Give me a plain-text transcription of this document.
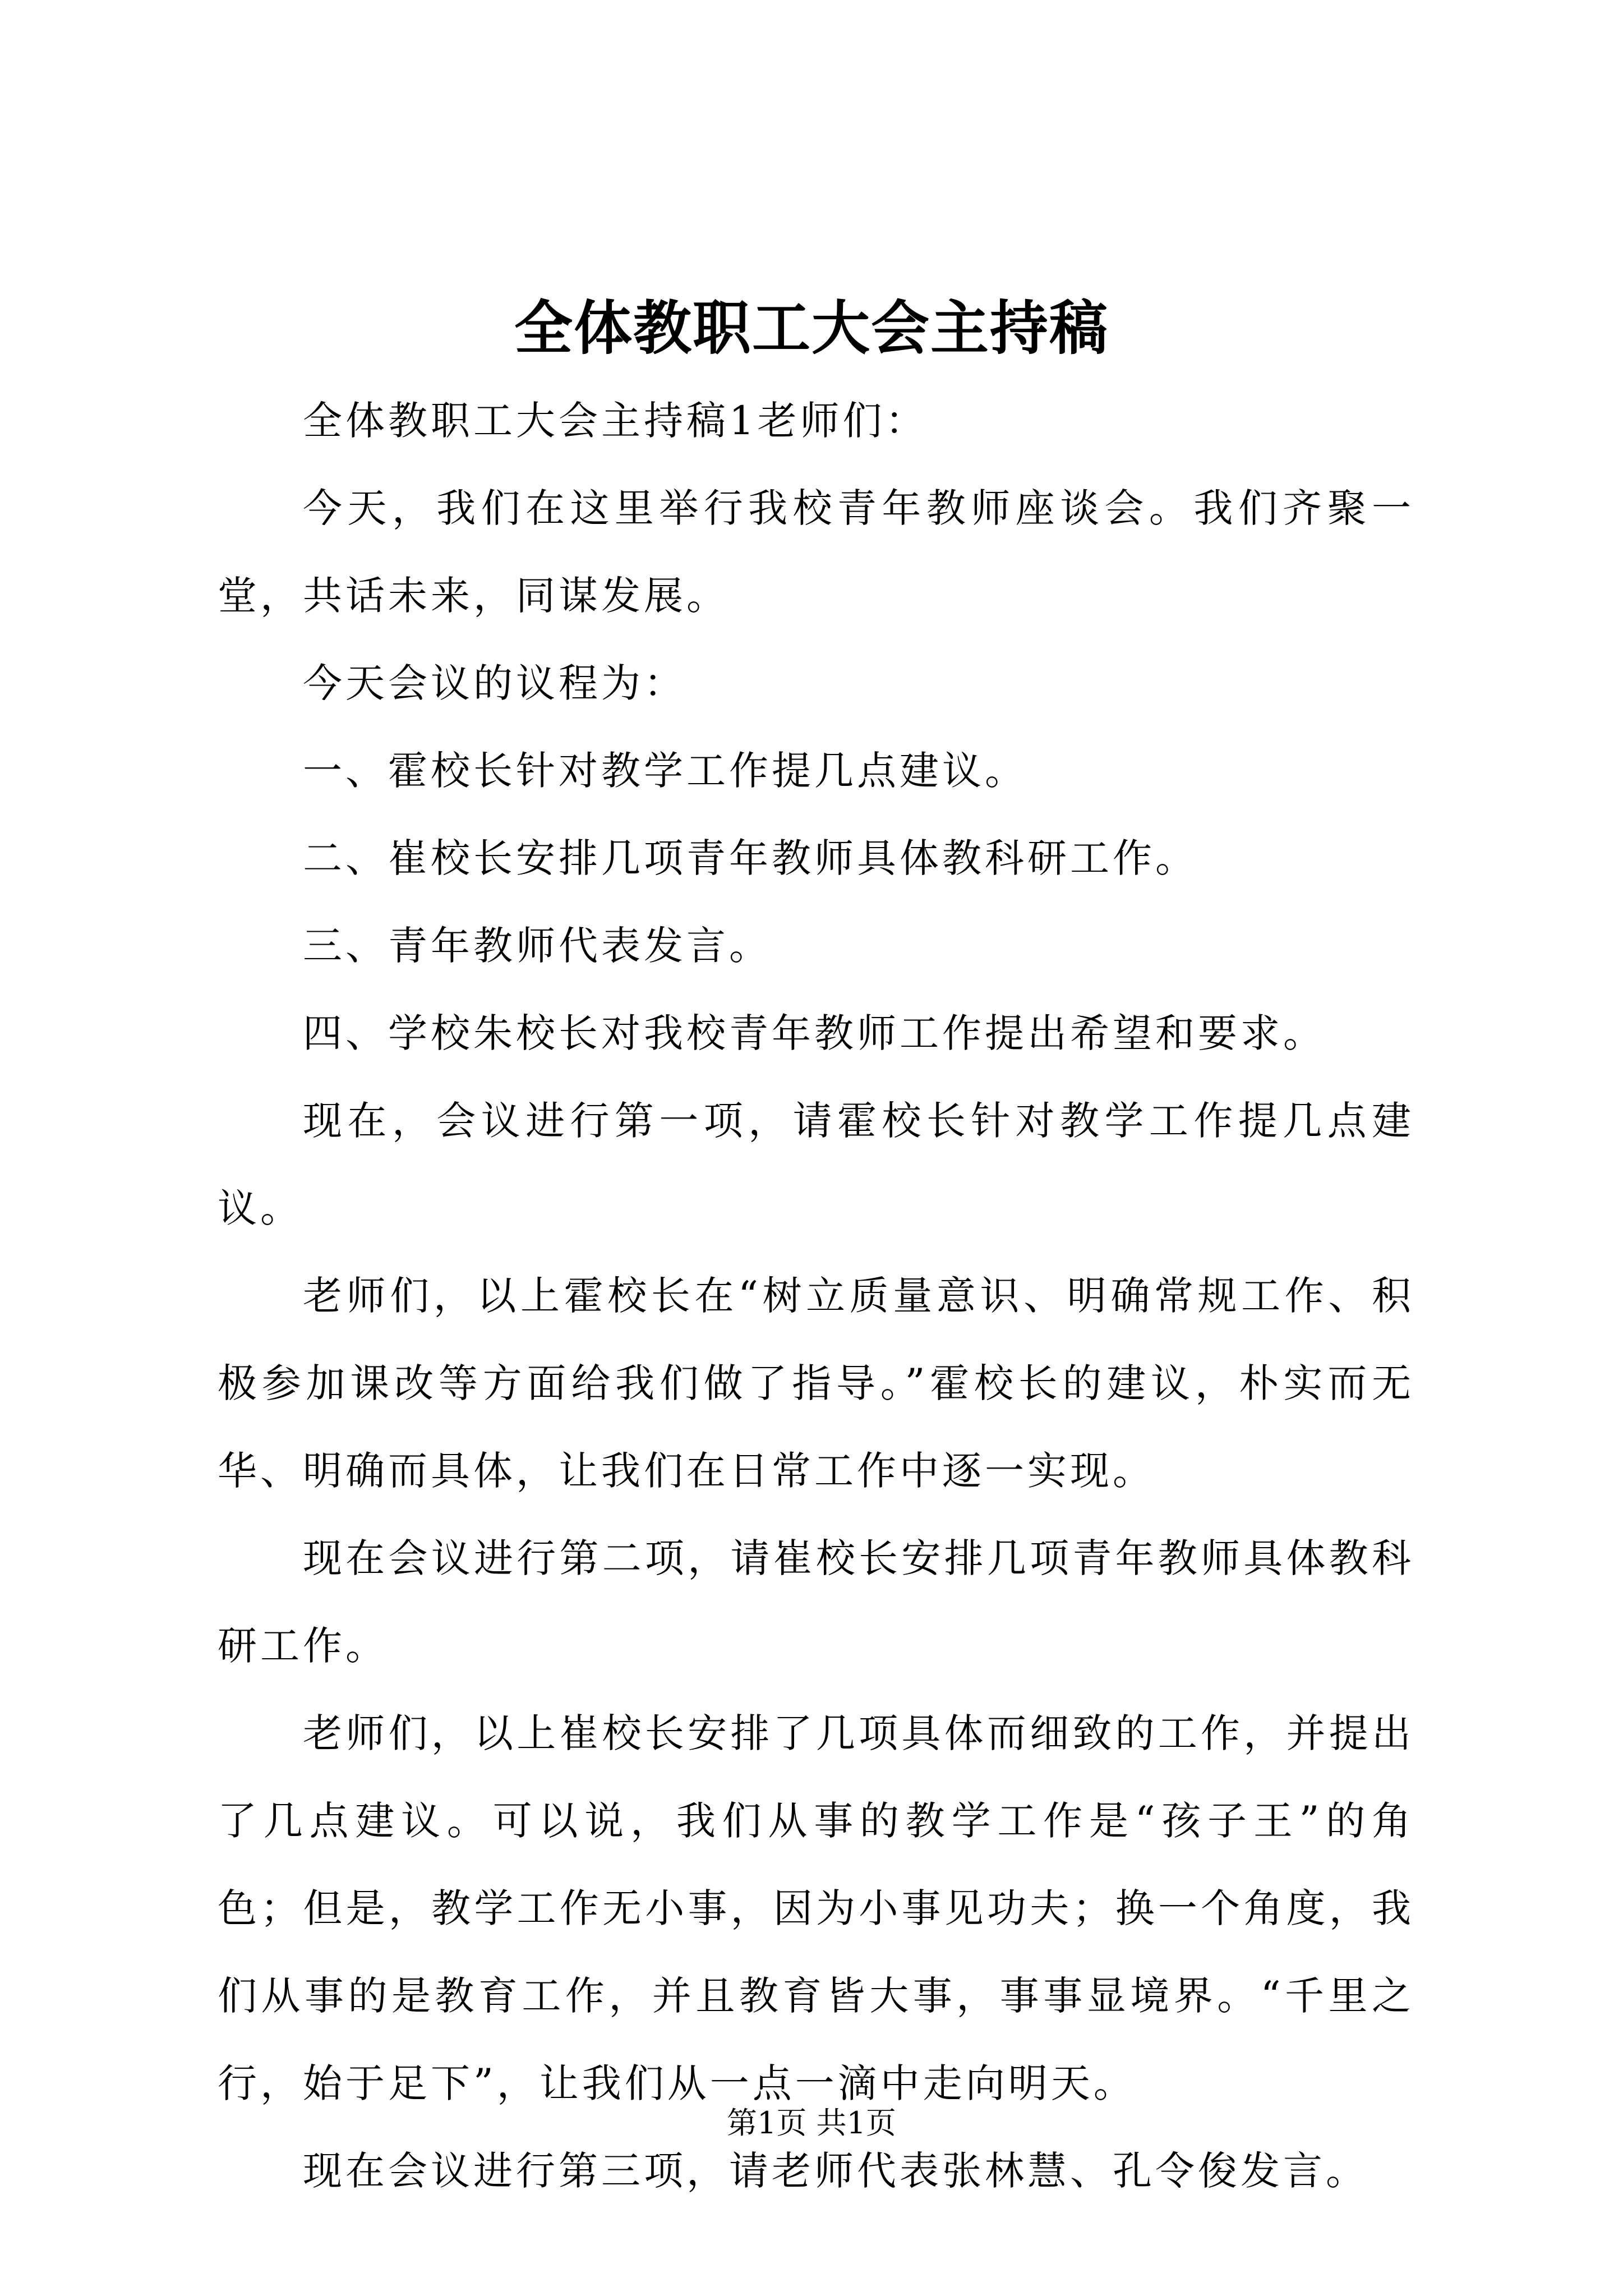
全体教职工大会主持稿

全体教职工大会主持稿1老师们：

今天，我们在这里举行我校青年教师座谈会。我们齐聚一堂，共话未来，同谋发展。

今天会议的议程为：

一、霍校长针对教学工作提几点建议。

二、崔校长安排几项青年教师具体教科研工作。

三、青年教师代表发言。

四、学校朱校长对我校青年教师工作提出希望和要求。

现在，会议进行第一项，请霍校长针对教学工作提几点建议。

老师们，以上霍校长在“树立质量意识、明确常规工作、积极参加课改等方面给我们做了指导。”霍校长的建议，朴实而无华、明确而具体，让我们在日常工作中逐一实现。

现在会议进行第二项，请崔校长安排几项青年教师具体教科研工作。

老师们，以上崔校长安排了几项具体而细致的工作，并提出了几点建议。可以说，我们从事的教学工作是“孩子王”的角色；但是，教学工作无小事，因为小事见功夫；换一个角度，我们从事的是教育工作，并且教育皆大事，事事显境界。“千里之行，始于足下”，让我们从一点一滴中走向明天。

现在会议进行第三项，请老师代表张林慧、孔令俊发言。

第1页 共1页
